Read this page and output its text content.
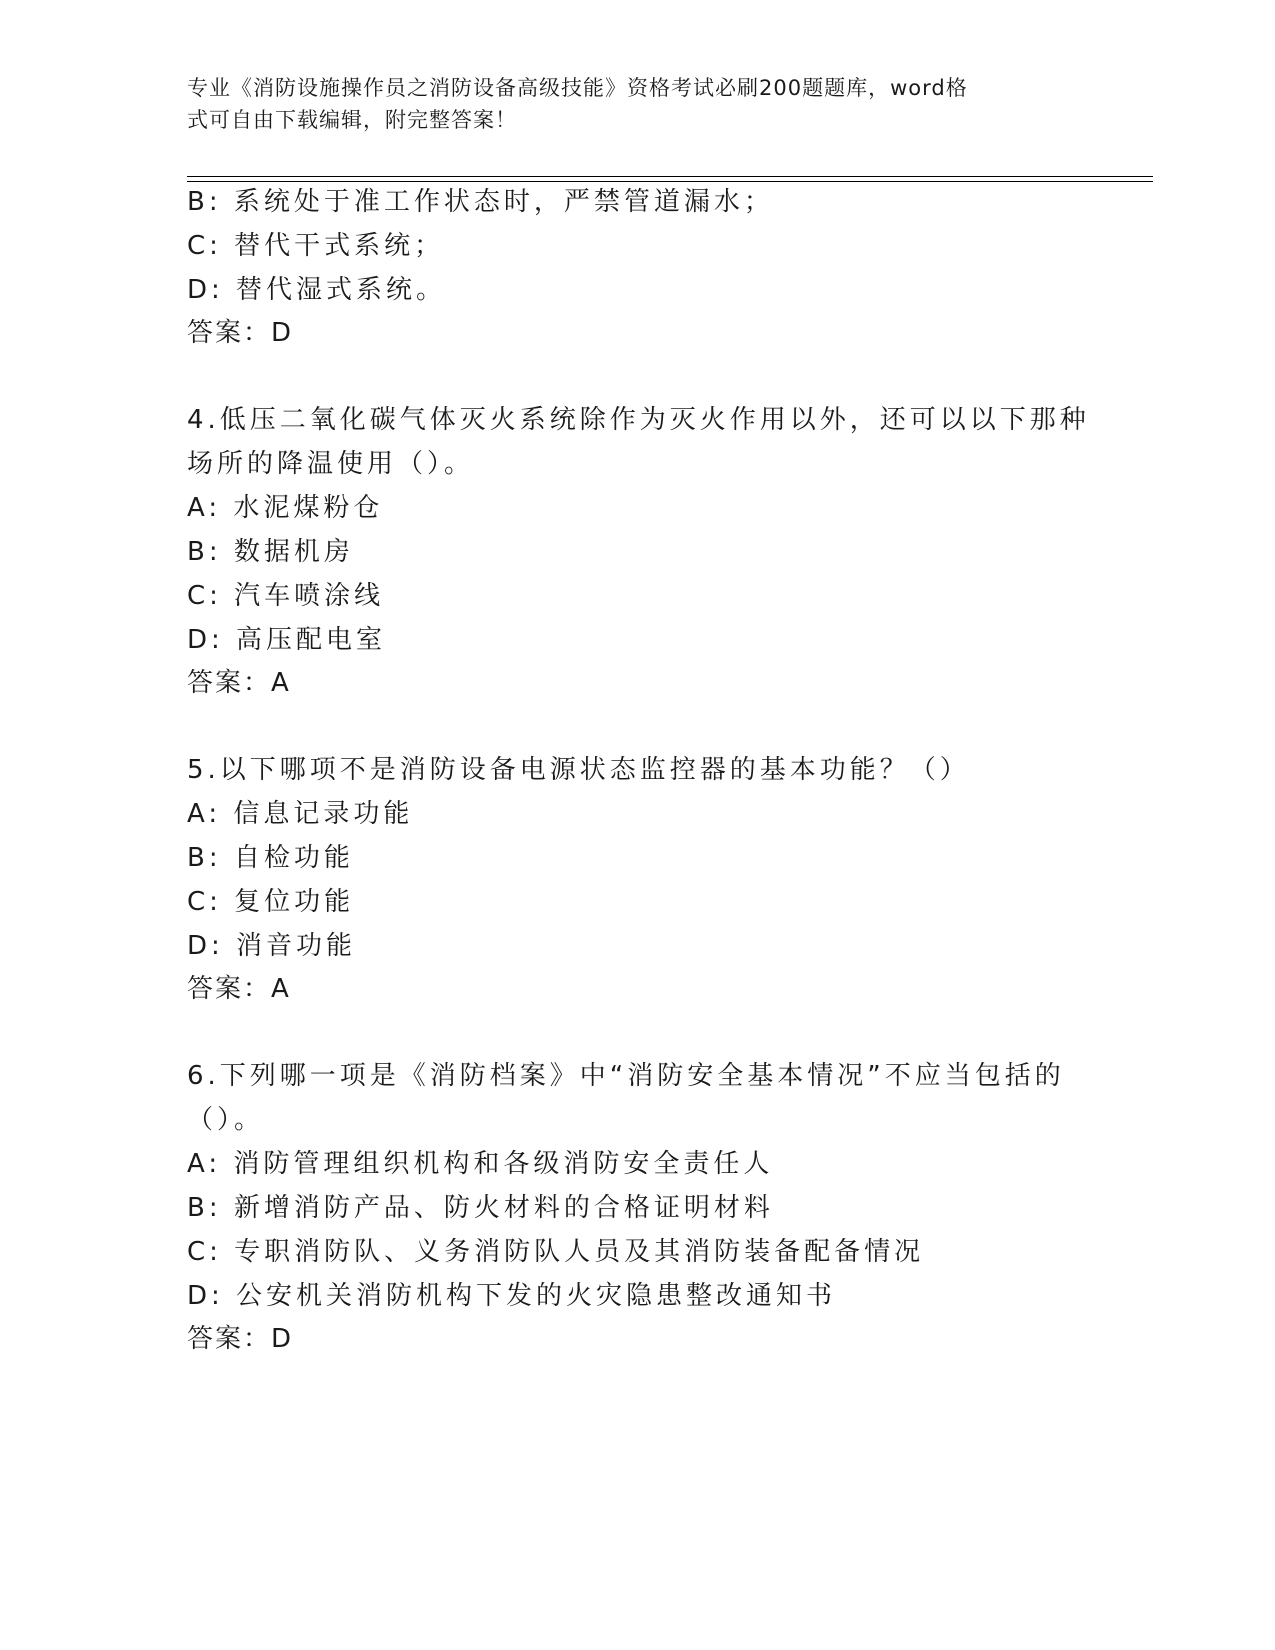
专业《消防设施操作员之消防设备高级技能》资格考试必刷200题题库，word格
式可自由下载编辑，附完整答案！
B: 系统处于准工作状态时，严禁管道漏水；
C: 替代干式系统；
D: 替代湿式系统。
答案：D
4.低压二氧化碳气体灭火系统除作为灭火作用以外，还可以以下那种
场所的降温使用（）。
A: 水泥煤粉仓
B: 数据机房
C: 汽车喷涂线
D: 高压配电室
答案：A
5.以下哪项不是消防设备电源状态监控器的基本功能？（）
A: 信息记录功能
B: 自检功能
C: 复位功能
D: 消音功能
答案：A
6.下列哪一项是《消防档案》中“消防安全基本情况”不应当包括的
（）。
A: 消防管理组织机构和各级消防安全责任人
B: 新增消防产品、防火材料的合格证明材料
C: 专职消防队、义务消防队人员及其消防装备配备情况
D: 公安机关消防机构下发的火灾隐患整改通知书
答案：D
